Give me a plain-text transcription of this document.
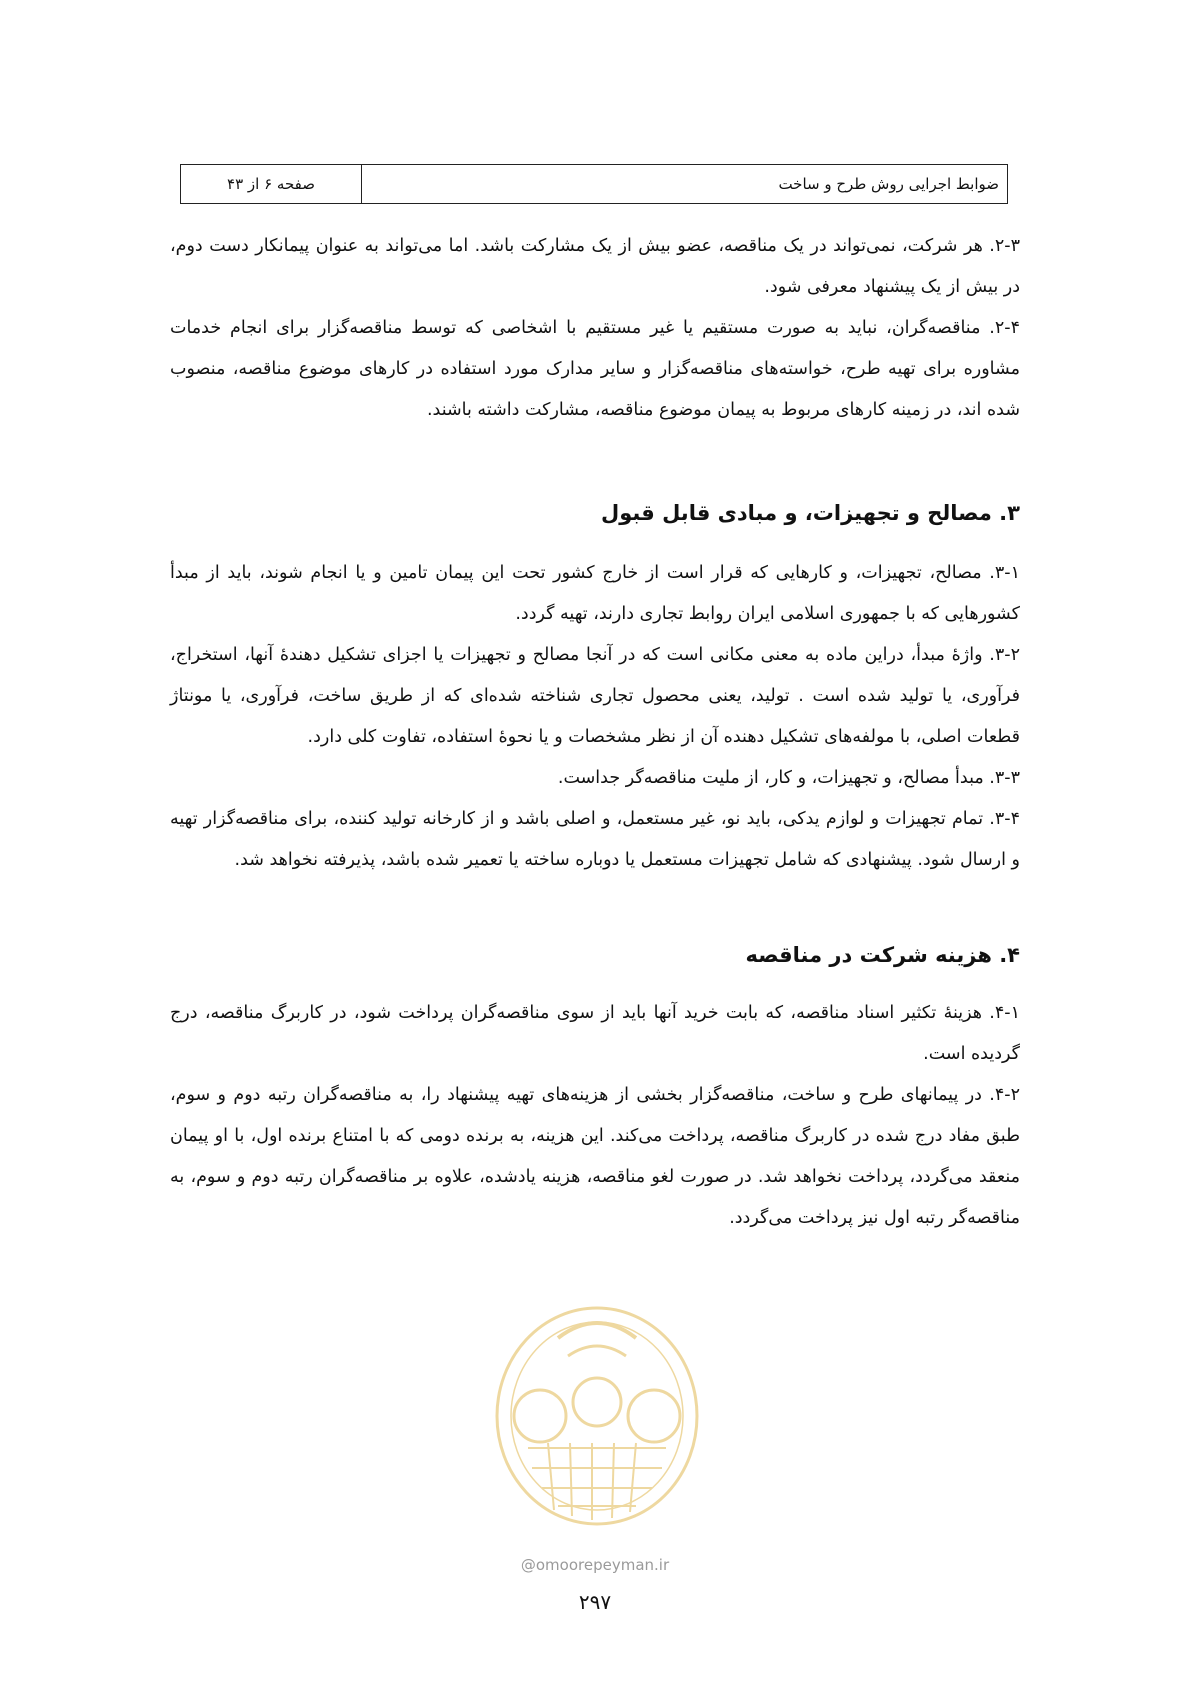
ضوابط اجرایی روش طرح و ساخت
صفحه ۶ از ۴۳

۲-۳. هر شرکت، نمی‌تواند در یک مناقصه، عضو بیش از یک مشارکت باشد. اما می‌تواند به عنوان پیمانکار دست دوم، در بیش از یک پیشنهاد معرفی شود.

۲-۴. مناقصه‌گران، نباید به صورت مستقیم یا غیر مستقیم با اشخاصی که توسط مناقصه‌گزار برای انجام خدمات مشاوره برای تهیه طرح، خواسته‌های مناقصه‌گزار و سایر مدارک مورد استفاده در کارهای موضوع مناقصه، منصوب شده اند، در زمینه کارهای مربوط به پیمان موضوع مناقصه، مشارکت داشته باشند.

۳. مصالح و تجهیزات، و مبادی قابل قبول

۳-۱. مصالح، تجهیزات، و کارهایی که قرار است از خارج کشور تحت این پیمان تامین و یا انجام شوند، باید از مبدأ کشورهایی که با جمهوری اسلامی ایران روابط تجاری دارند، تهیه گردد.

۳-۲. واژهٔ مبدأ، دراین ماده به معنی مکانی است که در آنجا مصالح و تجهیزات یا اجزای تشکیل دهندهٔ آنها، استخراج، فرآوری، یا تولید شده است . تولید، یعنی محصول تجاری شناخته شده‌ای که از طریق ساخت، فرآوری، یا مونتاژ قطعات اصلی، با مولفه‌های تشکیل دهنده آن از نظر مشخصات و یا نحوهٔ استفاده، تفاوت کلی دارد.

۳-۳. مبدأ مصالح، و تجهیزات، و کار، از ملیت مناقصه‌گر جداست.

۳-۴. تمام تجهیزات و لوازم یدکی، باید نو، غیر مستعمل، و اصلی باشد و از کارخانه تولید کننده، برای مناقصه‌گزار تهیه و ارسال شود. پیشنهادی که شامل تجهیزات مستعمل یا دوباره ساخته یا تعمیر شده باشد، پذیرفته نخواهد شد.

۴. هزینه شرکت در مناقصه

۴-۱. هزینهٔ تکثیر اسناد مناقصه، که بابت خرید آنها باید از سوی مناقصه‌گران پرداخت شود، در کاربرگ مناقصه، درج گردیده است.

۴-۲. در پیمانهای طرح و ساخت، مناقصه‌گزار بخشی از هزینه‌های تهیه پیشنهاد را، به مناقصه‌گران رتبه دوم و سوم، طبق مفاد درج شده در کاربرگ مناقصه، پرداخت می‌کند. این هزینه، به برنده دومی که با امتناع برنده اول، با او پیمان منعقد می‌گردد، پرداخت نخواهد شد. در صورت لغو مناقصه، هزینه یادشده، علاوه بر مناقصه‌گران رتبه دوم و سوم، به مناقصه‌گر رتبه اول نیز پرداخت می‌گردد.

@omoorepeyman.ir
۲۹۷
